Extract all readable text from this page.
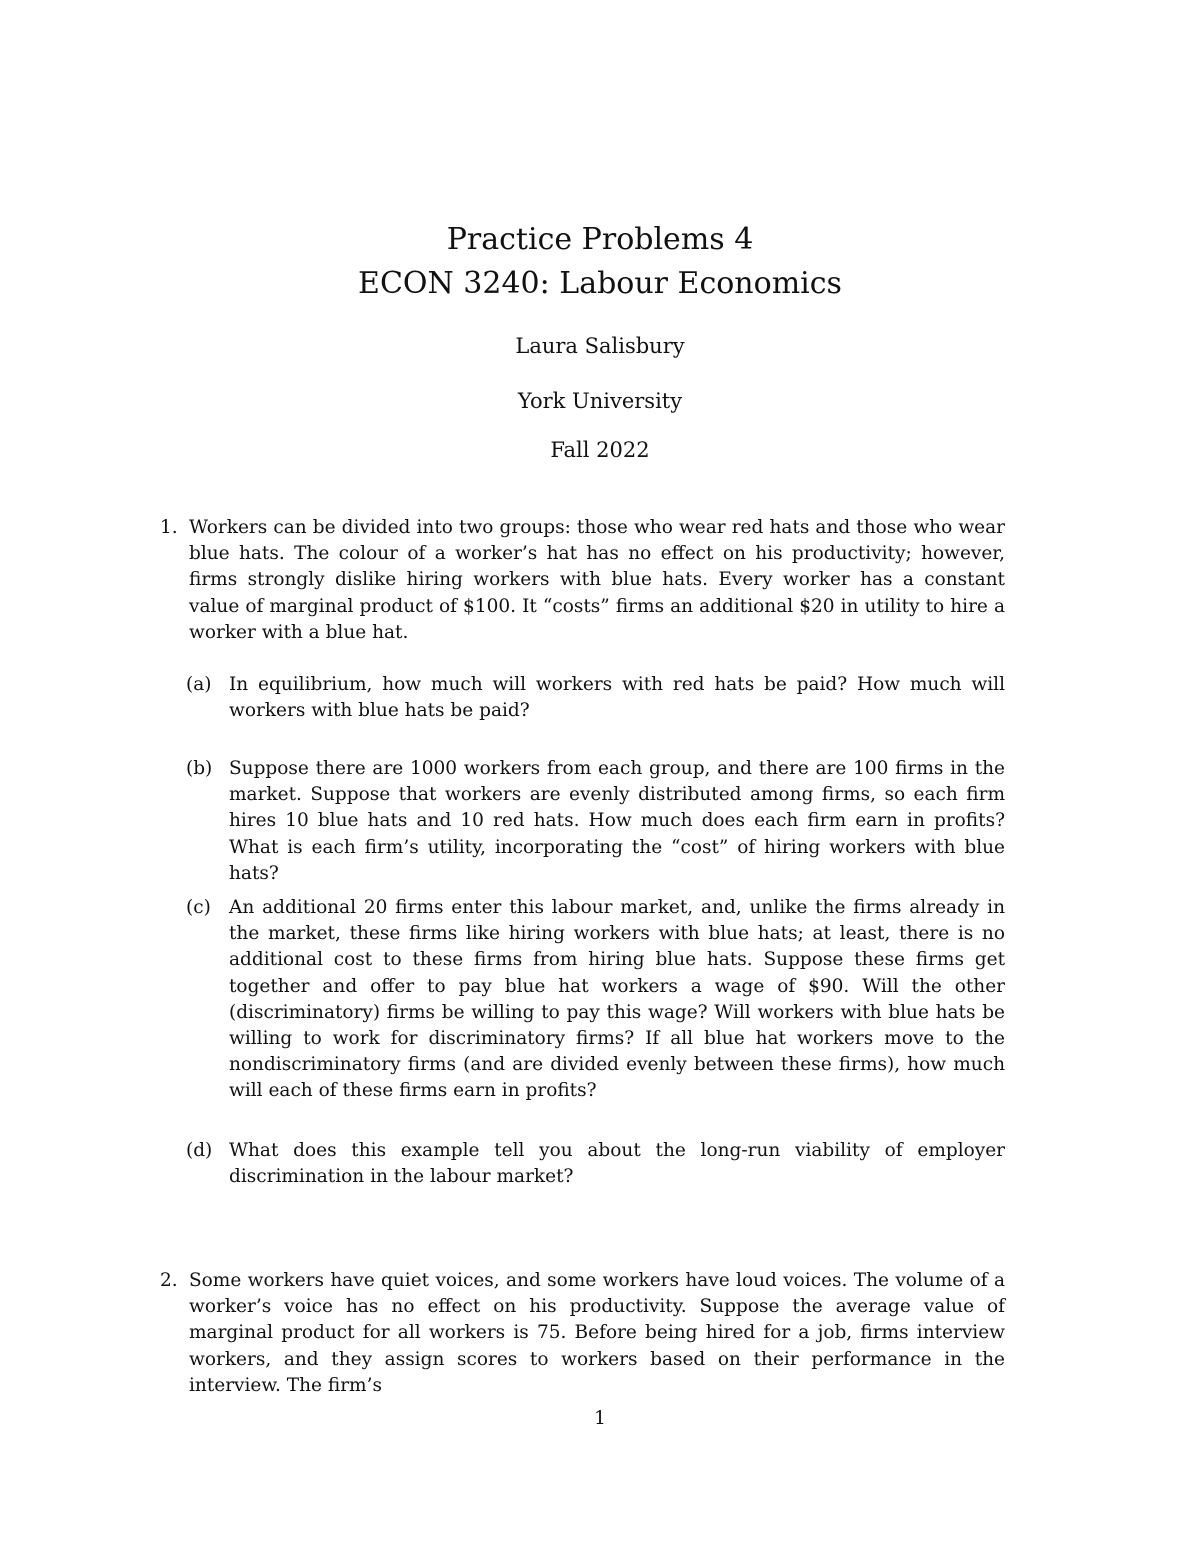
Practice Problems 4
ECON 3240: Labour Economics
Laura Salisbury
York University
Fall 2022
1. Workers can be divided into two groups: those who wear red hats and those who wear blue hats. The colour of a worker’s hat has no effect on his productivity; however, firms strongly dislike hiring workers with blue hats. Every worker has a constant value of marginal product of $100. It “costs” firms an additional $20 in utility to hire a worker with a blue hat.
(a) In equilibrium, how much will workers with red hats be paid? How much will workers with blue hats be paid?
(b) Suppose there are 1000 workers from each group, and there are 100 firms in the market. Suppose that workers are evenly distributed among firms, so each firm hires 10 blue hats and 10 red hats. How much does each firm earn in profits? What is each firm’s utility, incorporating the “cost” of hiring workers with blue hats?
(c) An additional 20 firms enter this labour market, and, unlike the firms already in the market, these firms like hiring workers with blue hats; at least, there is no additional cost to these firms from hiring blue hats. Suppose these firms get together and offer to pay blue hat workers a wage of $90. Will the other (discriminatory) firms be willing to pay this wage? Will workers with blue hats be willing to work for discriminatory firms? If all blue hat workers move to the nondiscriminatory firms (and are divided evenly between these firms), how much will each of these firms earn in profits?
(d) What does this example tell you about the long-run viability of employer discrimination in the labour market?
2. Some workers have quiet voices, and some workers have loud voices. The volume of a worker’s voice has no effect on his productivity. Suppose the average value of marginal product for all workers is 75. Before being hired for a job, firms interview workers, and they assign scores to workers based on their performance in the interview. The firm’s
1
